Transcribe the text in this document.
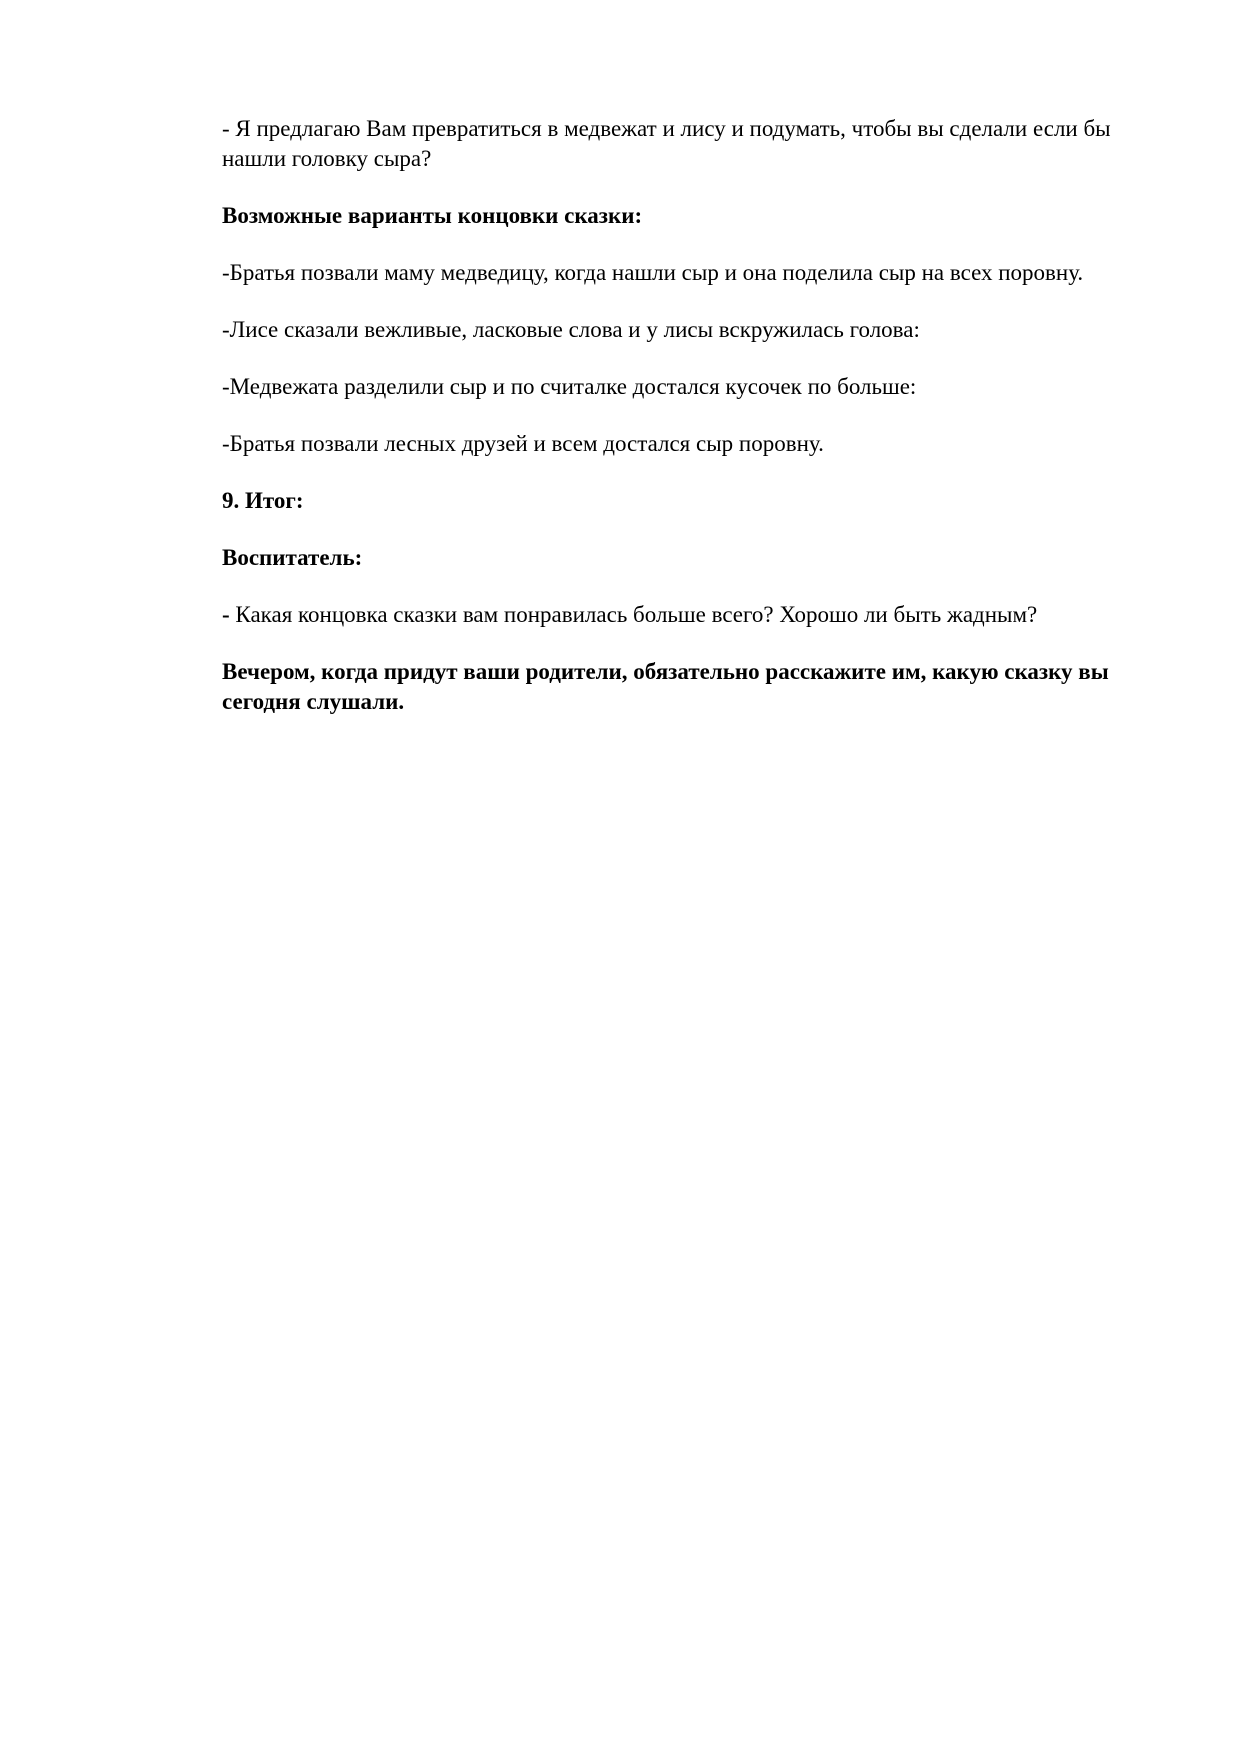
- Я предлагаю Вам превратиться в медвежат и лису и подумать, чтобы вы сделали если бы нашли головку сыра?

Возможные варианты концовки сказки:

-Братья позвали маму медведицу, когда нашли сыр и она поделила сыр на всех поровну.

-Лисе сказали вежливые, ласковые слова и у лисы вскружилась голова:

-Медвежата разделили сыр и по считалке достался кусочек по больше:

-Братья позвали лесных друзей и всем достался сыр поровну.

9. Итог:

Воспитатель:

- Какая концовка сказки вам понравилась больше всего? Хорошо ли быть жадным?

Вечером, когда придут ваши родители, обязательно расскажите им, какую сказку вы сегодня слушали.
